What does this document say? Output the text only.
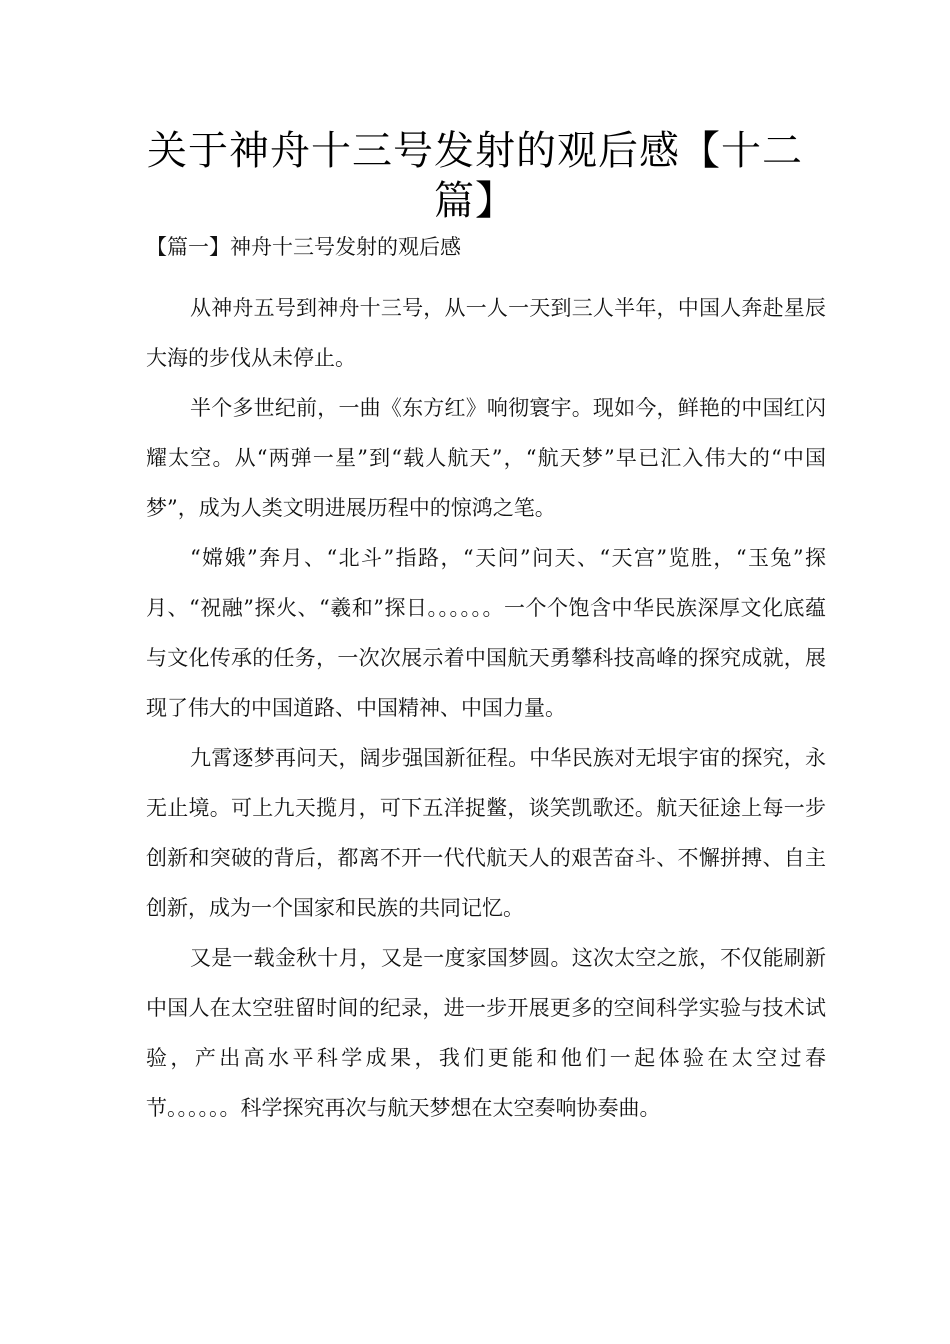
关于神舟十三号发射的观后感【十二篇】
【篇一】神舟十三号发射的观后感

从神舟五号到神舟十三号，从一人一天到三人半年，中国人奔赴星辰大海的步伐从未停止。

半个多世纪前，一曲《东方红》响彻寰宇。现如今，鲜艳的中国红闪耀太空。从“两弹一星”到“载人航天”，“航天梦”早已汇入伟大的“中国梦”，成为人类文明进展历程中的惊鸿之笔。

“嫦娥”奔月、“北斗”指路，“天问”问天、“天宫”览胜，“玉兔”探月、“祝融”探火、“羲和”探日。。。。。。一个个饱含中华民族深厚文化底蕴与文化传承的任务，一次次展示着中国航天勇攀科技高峰的探究成就，展现了伟大的中国道路、中国精神、中国力量。

九霄逐梦再问天，阔步强国新征程。中华民族对无垠宇宙的探究，永无止境。可上九天揽月，可下五洋捉鳖，谈笑凯歌还。航天征途上每一步创新和突破的背后，都离不开一代代航天人的艰苦奋斗、不懈拼搏、自主创新，成为一个国家和民族的共同记忆。

又是一载金秋十月，又是一度家国梦圆。这次太空之旅，不仅能刷新中国人在太空驻留时间的纪录，进一步开展更多的空间科学实验与技术试验，产出高水平科学成果，我们更能和他们一起体验在太空过春节。。。。。。科学探究再次与航天梦想在太空奏响协奏曲。
